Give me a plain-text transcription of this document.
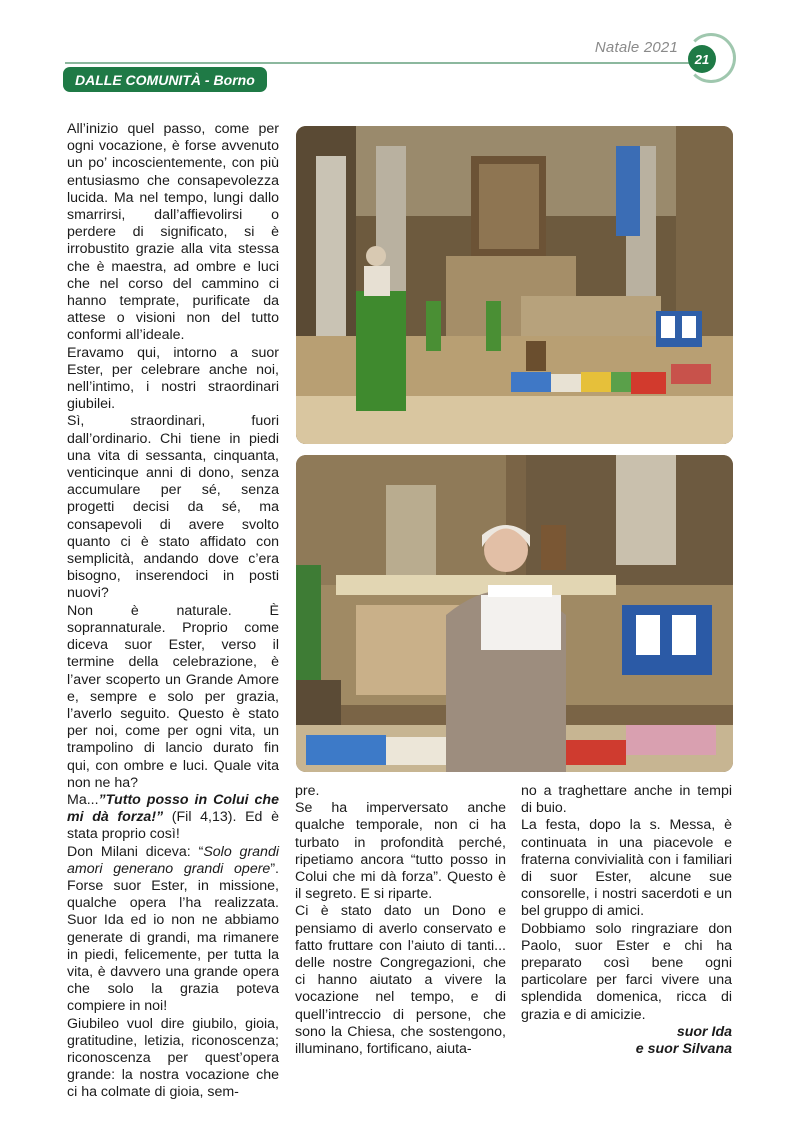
Natale 2021
21
DALLE COMUNITÀ - Borno

All’inizio quel passo, come per ogni vocazione, è forse avvenuto un po’ incoscientemente, con più entusiasmo che consapevolezza lucida. Ma nel tempo, lungi dallo smarrirsi, dall’affievolirsi o perdere di significato, si è irrobustito grazie alla vita stessa che è maestra, ad ombre e luci che nel corso del cammino ci hanno temprate, purificate da attese o visioni non del tutto conformi all’ideale.

Eravamo qui, intorno a suor Ester, per celebrare anche noi, nell’intimo, i nostri straordinari giubilei.

Sì, straordinari, fuori dall’ordinario. Chi tiene in piedi una vita di sessanta, cinquanta, venticinque anni di dono, senza accumulare per sé, senza progetti decisi da sé, ma consapevoli di avere svolto quanto ci è stato affidato con semplicità, andando dove c’era bisogno, inserendoci in posti nuovi?

Non è naturale. È soprannaturale. Proprio come diceva suor Ester, verso il termine della celebrazione, è l’aver scoperto un Grande Amore e, sempre e solo per grazia, l’averlo seguito. Questo è stato per noi, come per ogni vita, un trampolino di lancio durato fin qui, con ombre e luci. Quale vita non ne ha?

Ma...”Tutto posso in Colui che mi dà forza!” (Fil 4,13). Ed è stata proprio così!

Don Milani diceva: “Solo grandi amori generano grandi opere”. Forse suor Ester, in missione, qualche opera l’ha realizzata. Suor Ida ed io non ne abbiamo generate di grandi, ma rimanere in piedi, felicemente, per tutta la vita, è davvero una grande opera che solo la grazia poteva compiere in noi!

Giubileo vuol dire giubilo, gioia, gratitudine, letizia, riconoscenza; riconoscenza per quest’opera grande: la nostra vocazione che ci ha colmate di gioia, sem-

pre.

Se ha imperversato anche qualche temporale, non ci ha turbato in profondità perché, ripetiamo ancora “tutto posso in Colui che mi dà forza”. Questo è il segreto. E si riparte.

Ci è stato dato un Dono e pensiamo di averlo conservato e fatto fruttare con l’aiuto di tanti... delle nostre Congregazioni, che ci hanno aiutato a vivere la vocazione nel tempo, e di quell’intreccio di persone, che sono la Chiesa, che sostengono, illuminano, fortificano, aiuta-

no a traghettare anche in tempi di buio.

La festa, dopo la s. Messa, è continuata in una piacevole e fraterna convivialità con i familiari di suor Ester, alcune sue consorelle, i nostri sacerdoti e un bel gruppo di amici.

Dobbiamo solo ringraziare don Paolo, suor Ester e chi ha preparato così bene ogni particolare per farci vivere una splendida domenica, ricca di grazia e di amicizie.

suor Ida

e suor Silvana
